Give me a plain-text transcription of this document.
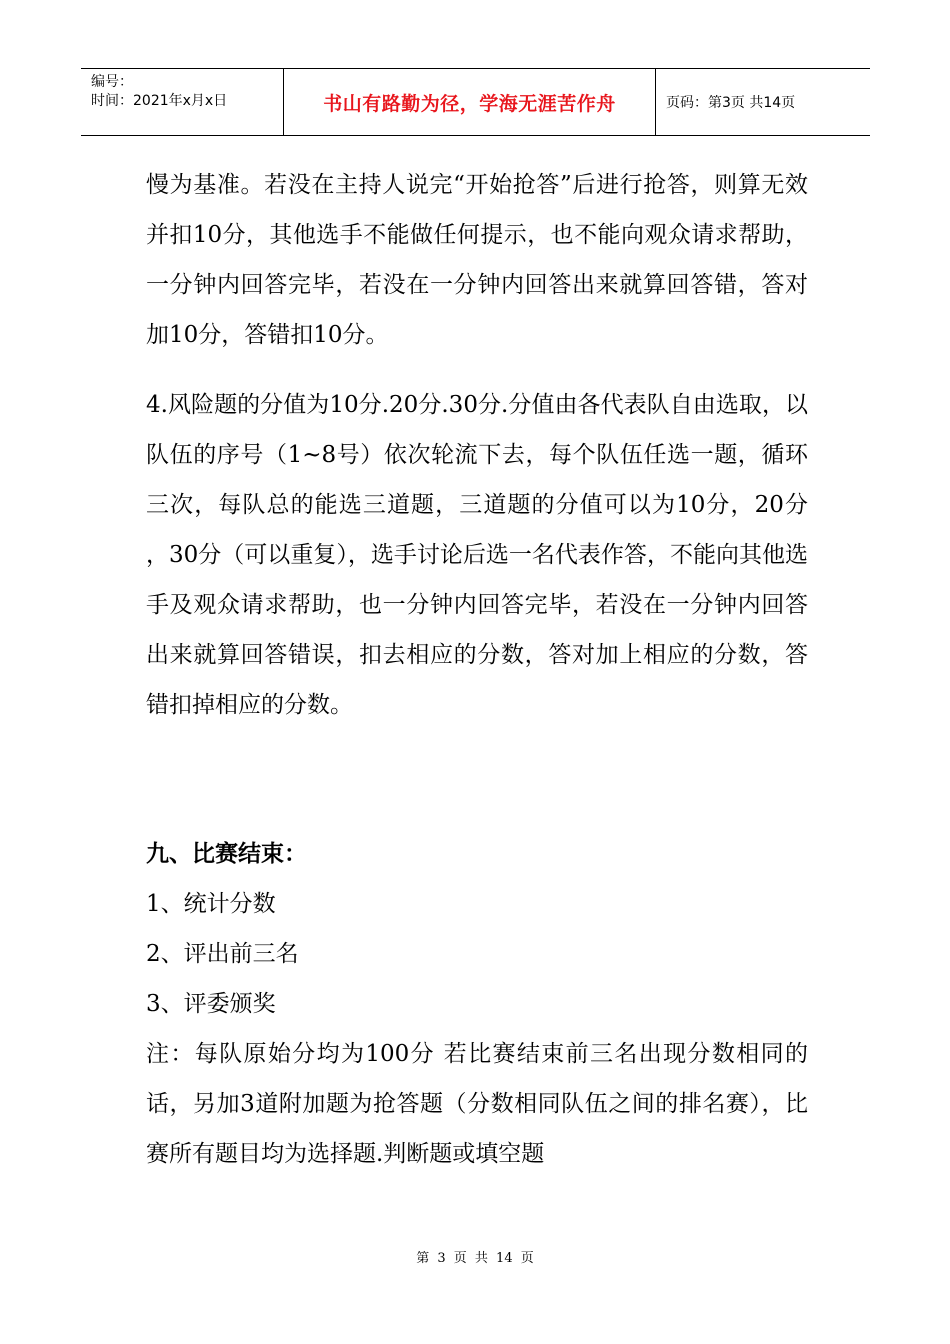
编号：
时间：2021年x月x日	书山有路勤为径，学海无涯苦作舟	页码：第3页 共14页

慢为基准。若没在主持人说完“开始抢答”后进行抢答，则算无效并扣10分，其他选手不能做任何提示，也不能向观众请求帮助，一分钟内回答完毕，若没在一分钟内回答出来就算回答错，答对加10分，答错扣10分。

4.风险题的分值为10分.20分.30分.分值由各代表队自由选取，以队伍的序号（1~8号）依次轮流下去，每个队伍任选一题，循环三次，每队总的能选三道题，三道题的分值可以为10分，20分 ，30分（可以重复），选手讨论后选一名代表作答，不能向其他选手及观众请求帮助，也一分钟内回答完毕，若没在一分钟内回答出来就算回答错误，扣去相应的分数，答对加上相应的分数，答错扣掉相应的分数。

九、比赛结束：

1、统计分数

2、评出前三名

3、评委颁奖

注：每队原始分均为100分 若比赛结束前三名出现分数相同的话，另加3道附加题为抢答题（分数相同队伍之间的排名赛），比赛所有题目均为选择题.判断题或填空题

第 3 页 共 14 页
